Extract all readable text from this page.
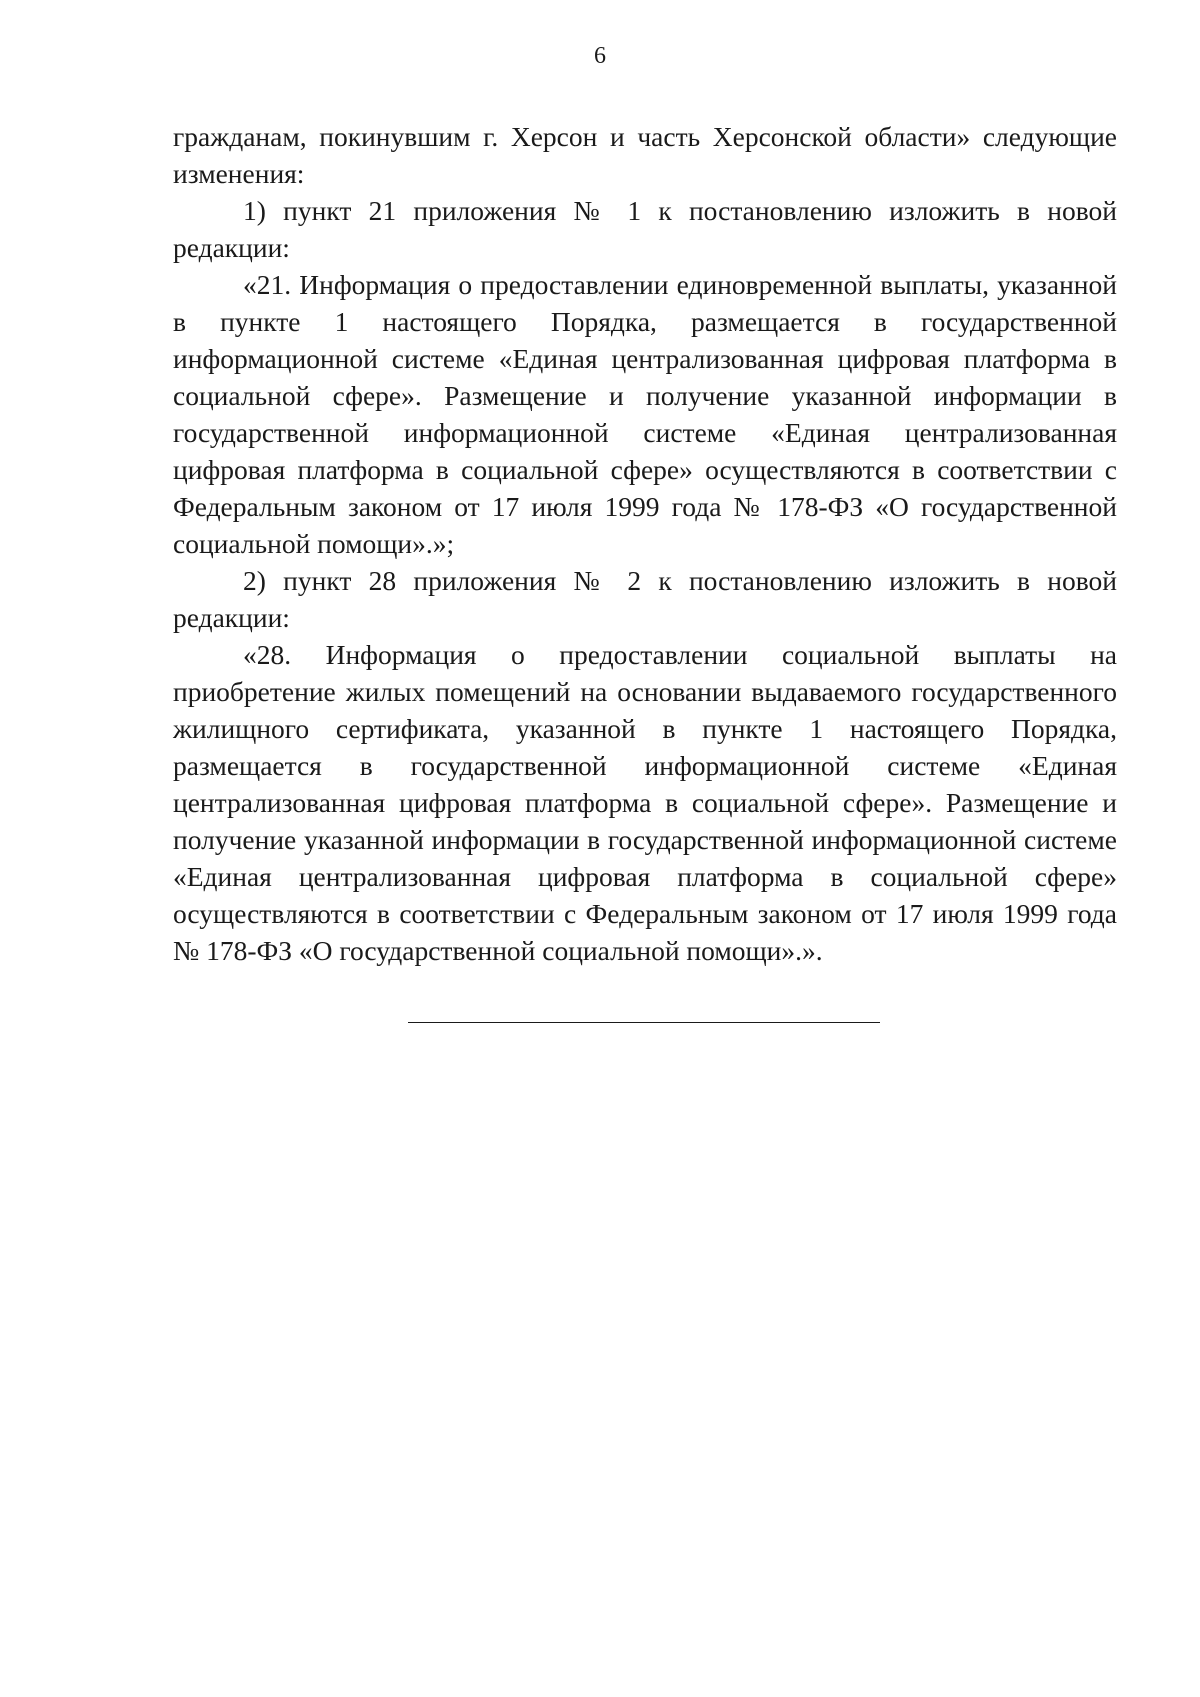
6

гражданам, покинувшим г. Херсон и часть Херсонской области» следующие изменения:

1) пункт 21 приложения № 1 к постановлению изложить в новой редакции:

«21. Информация о предоставлении единовременной выплаты, указанной в пункте 1 настоящего Порядка, размещается в государственной информационной системе «Единая централизованная цифровая платформа в социальной сфере». Размещение и получение указанной информации в государственной информационной системе «Единая централизованная цифровая платформа в социальной сфере» осуществляются в соответствии с Федеральным законом от 17 июля 1999 года № 178-ФЗ «О государственной социальной помощи».»;

2) пункт 28 приложения № 2 к постановлению изложить в новой редакции:

«28. Информация о предоставлении социальной выплаты на приобретение жилых помещений на основании выдаваемого государственного жилищного сертификата, указанной в пункте 1 настоящего Порядка, размещается в государственной информационной системе «Единая централизованная цифровая платформа в социальной сфере». Размещение и получение указанной информации в государственной информационной системе «Единая централизованная цифровая платформа в социальной сфере» осуществляются в соответствии с Федеральным законом от 17 июля 1999 года № 178-ФЗ «О государственной социальной помощи».».
